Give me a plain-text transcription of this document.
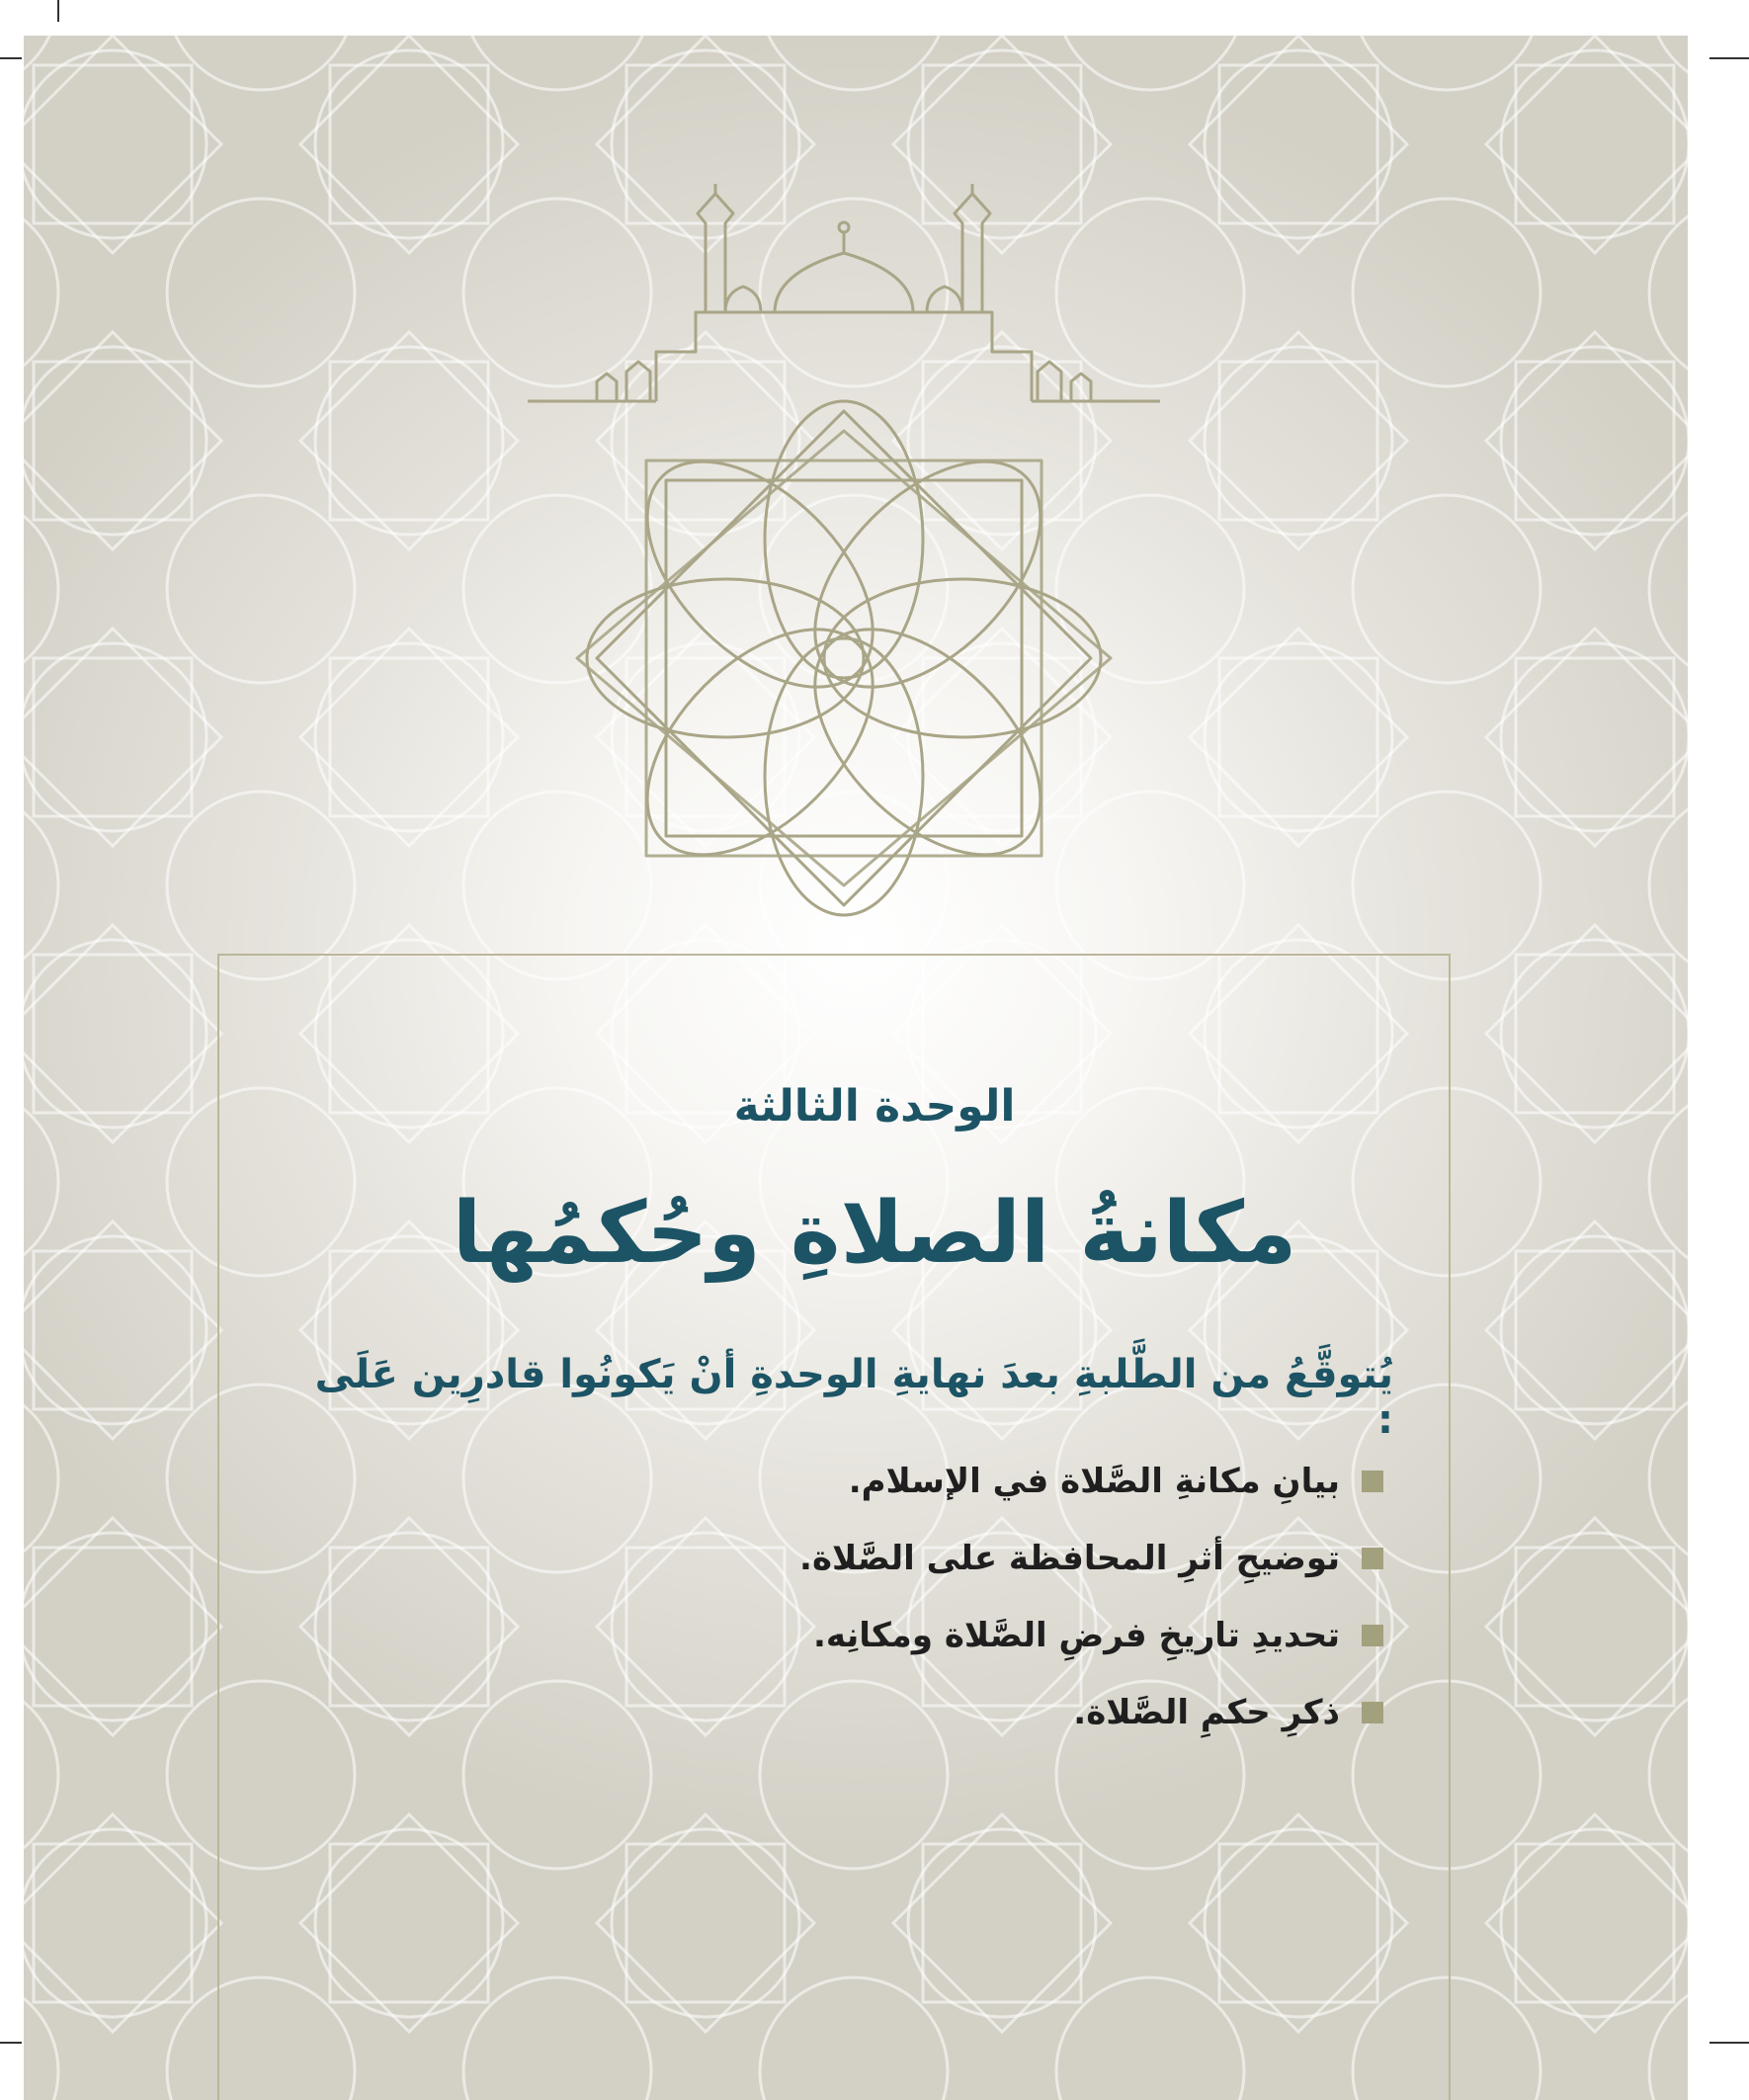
الوحدة الثالثة
مكانةُ الصلاةِ وحُكمُها
يُتوقَّعُ من الطَّلبةِ بعدَ نهايةِ الوحدةِ أنْ يَكونُوا قادرِين عَلَى :
بيانِ مكانةِ الصَّلاة في الإسلام.
توضيحِ أثرِ المحافظة على الصَّلاة.
تحديدِ تاريخِ فرضِ الصَّلاة ومكانِه.
ذكرِ حكمِ الصَّلاة.
